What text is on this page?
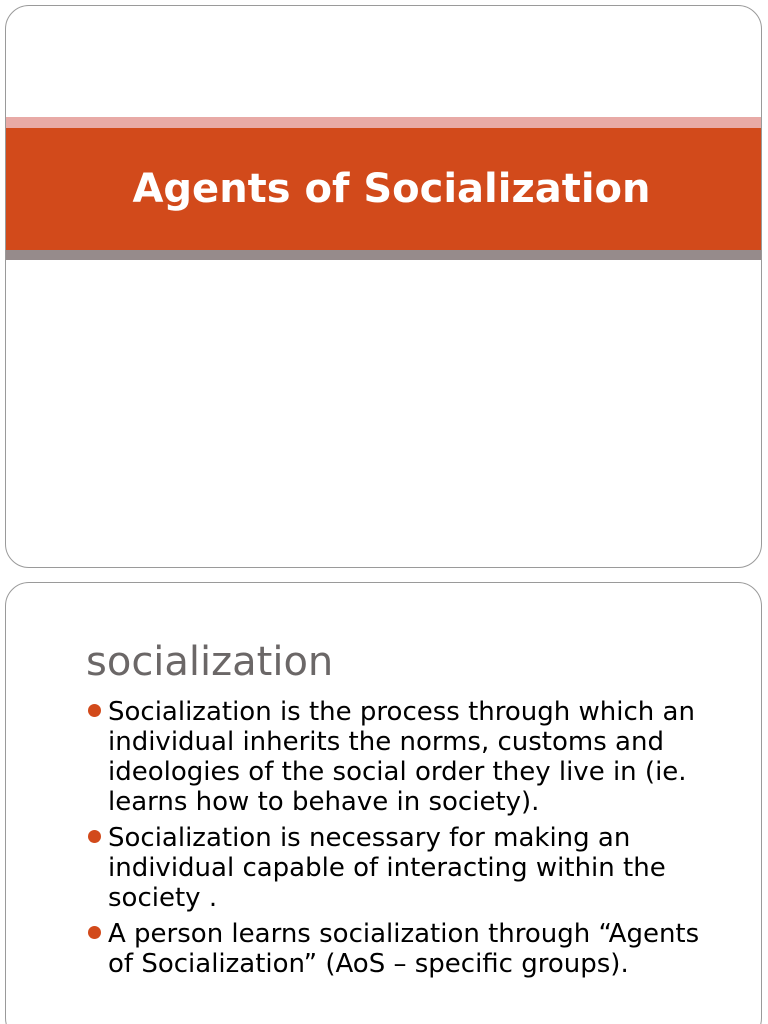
Agents of Socialization
socialization
Socialization is the process through which an individual inherits the norms, customs and ideologies of the social order they live in (ie. learns how to behave in society).
Socialization is necessary for making an individual capable of interacting within the society .
A person learns socialization through “Agents of Socialization” (AoS – specific groups).
